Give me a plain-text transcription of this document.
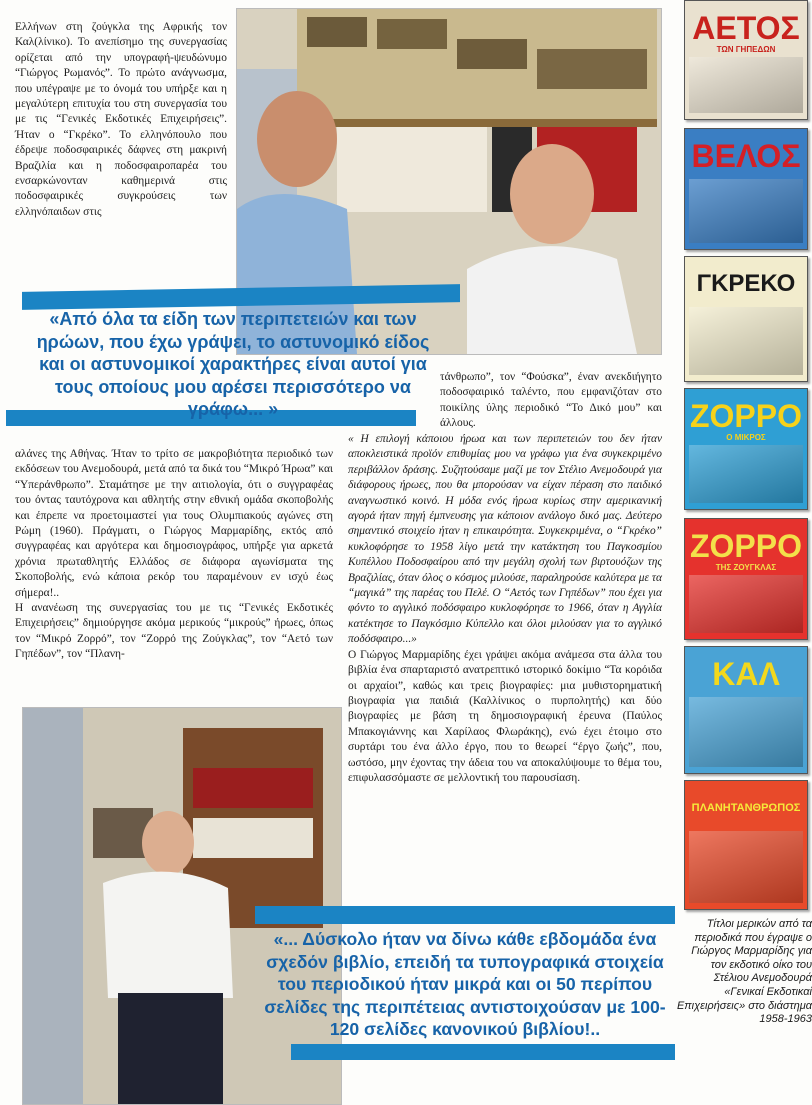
Ελλήνων στη ζούγκλα της Αφρικής τον Καλ(λίνικο). Το ανεπίσημο της συνεργασίας ορίζεται από την υπογραφή-ψευδώνυμο “Γιώργος Ρωμανός”. Το πρώτο ανάγνωσμα, που υπέγραψε με το όνομά του υπήρξε και η μεγαλύτερη επιτυχία του στη συνεργασία του με τις “Γενικές Εκδοτικές Επιχειρήσεις”. Ήταν ο “Γκρέκο”. Το ελληνόπουλο που έδρεψε ποδοσφαιρικές δάφνες στη μακρινή Βραζιλία και η ποδοσφαιροπαρέα του ενσαρκώνονταν καθημερινά στις ποδοσφαιρικές συγκρούσεις των ελληνόπαιδων στις

«Από όλα τα είδη των περιπετειών και των ηρώων, που έχω γράψει, το αστυνομικό είδος και οι αστυνομικοί χαρακτήρες είναι αυτοί για τους οποίους μου αρέσει περισσότερο να γράφω... »

τάνθρωπο”, τον “Φούσκα”, έναν ανεκδιήγητο ποδοσφαιρικό ταλέντο, που εμφανιζόταν στο ποικίλης ύλης περιοδικό “Το Δικό μου” και άλλους.

αλάνες της Αθήνας. Ήταν το τρίτο σε μακροβιότητα περιοδικό των εκδόσεων του Ανεμοδουρά, μετά από τα δικά του “Μικρό Ήρωα” και “Υπεράνθρωπο”. Σταμάτησε με την αιτιολογία, ότι ο συγγραφέας του όντας ταυτόχρονα και αθλητής στην εθνική ομάδα σκοποβολής και έπρεπε να προετοιμαστεί για τους Ολυμπιακούς αγώνες στη Ρώμη (1960). Πράγματι, ο Γιώργος Μαρμαρίδης, εκτός από συγγραφέας και αργότερα και δημοσιογράφος, υπήρξε για αρκετά χρόνια πρωταθλητής Ελλάδος σε διάφορα αγωνίσματα της Σκοποβολής, ενώ κάποια ρεκόρ του παραμένουν εν ισχύ έως σήμερα!..

Η ανανέωση της συνεργασίας του με τις “Γενικές Εκδοτικές Επιχειρήσεις” δημιούργησε ακόμα μερικούς “μικρούς” ήρωες, όπως τον “Μικρό Ζορρό”, τον “Ζορρό της Ζούγκλας”, τον “Αετό των Γηπέδων”, τον “Πλανη-

« Η επιλογή κάποιου ήρωα και των περιπετειών του δεν ήταν αποκλειστικά προϊόν επιθυμίας μου να γράφω για ένα συγκεκριμένο περιβάλλον δράσης. Συζητούσαμε μαζί με τον Στέλιο Ανεμοδουρά για διάφορους ήρωες, που θα μπορούσαν να είχαν πέραση στο παιδικό αναγνωστικό κοινό. Η μόδα ενός ήρωα κυρίως στην αμερικανική αγορά ήταν πηγή έμπνευσης για κάποιον ανάλογο δικό μας. Δεύτερο σημαντικό στοιχείο ήταν η επικαιρότητα. Συγκεκριμένα, ο “Γκρέκο” κυκλοφόρησε το 1958 λίγο μετά την κατάκτηση του Παγκοσμίου Κυπέλλου Ποδοσφαίρου από την μεγάλη σχολή των βιρτουόζων της Βραζιλίας, όταν όλος ο κόσμος μιλούσε, παραληρούσε καλύτερα με τα “μαγικά” της παρέας του Πελέ. Ο “Αετός των Γηπέδων” που έχει για φόντο το αγγλικό ποδόσφαιρο κυκλοφόρησε το 1966, όταν η Αγγλία κατέκτησε το Παγκόσμιο Κύπελλο και όλοι μιλούσαν για το αγγλικό ποδόσφαιρο...»

Ο Γιώργος Μαρμαρίδης έχει γράψει ακόμα ανάμεσα στα άλλα του βιβλία ένα σπαρταριστό ανατρεπτικό ιστορικό δοκίμιο “Τα κορόιδα οι αρχαίοι”, καθώς και τρεις βιογραφίες: μια μυθιστορηματική βιογραφία για παιδιά (Καλλίνικος ο πυρπολητής) και δύο βιογραφίες με βάση τη δημοσιογραφική έρευνα (Παύλος Μπακογιάννης και Χαρίλαος Φλωράκης), ενώ έχει έτοιμο στο συρτάρι του ένα άλλο έργο, που το θεωρεί “έργο ζωής”, που, ωστόσο, μην έχοντας την άδεια του να αποκαλύψουμε το θέμα του, επιφυλασσόμαστε σε μελλοντική του παρουσίαση.

«... Δύσκολο ήταν να δίνω κάθε εβδομάδα ένα σχεδόν βιβλίο, επειδή τα τυπογραφικά στοιχεία του περιοδικού ήταν μικρά και οι 50 περίπου σελίδες της περιπέτειας αντιστοιχούσαν με 100-120 σελίδες κανονικού βιβλίου!..
ΑΕΤΟΣ
ΤΩΝ ΓΗΠΕΔΩΝ
ΒΕΛΟΣ
ΓΚΡΕΚΟ
ΖΟΡΡΟ
Ο ΜΙΚΡΟΣ
ΖΟΡΡΟ
ΤΗΣ ΖΟΥΓΚΛΑΣ
ΚΑΛ
ΠΛΑΝΗΤΑΝΘΡΩΠΟΣ
Τίτλοι μερικών από τα περιοδικά που έγραψε ο Γιώργος Μαρμαρίδης για τον εκδοτικό οίκο του Στέλιου Ανεμοδουρά «Γενικαί Εκδοτικαί Επιχειρήσεις» στο διάστημα 1958-1963
